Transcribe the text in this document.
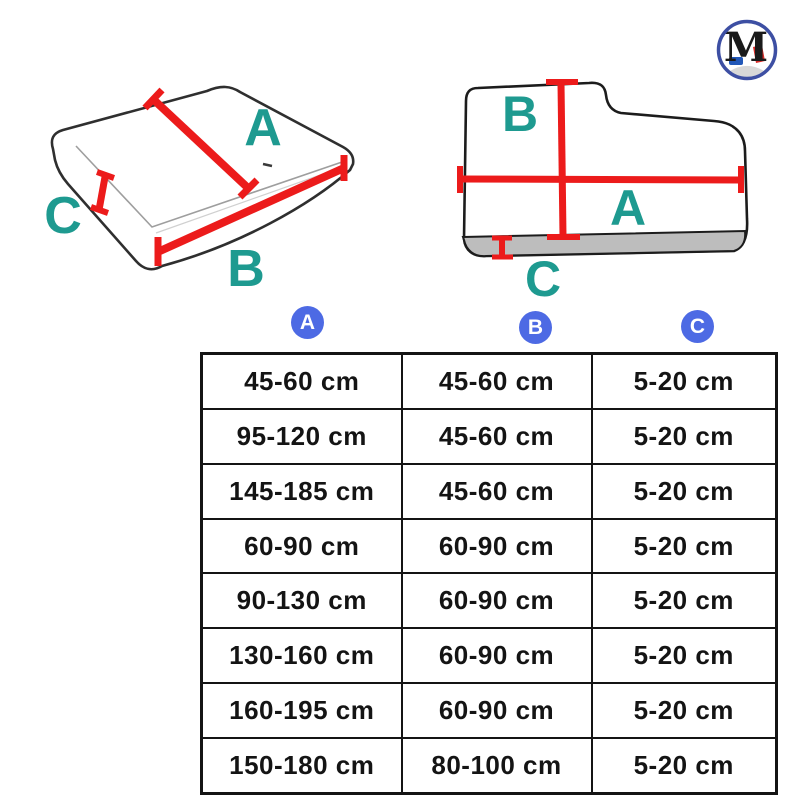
A
B
C
B
A
C
M
A	B	C
45-60 cm	45-60 cm	5-20 cm
95-120 cm	45-60 cm	5-20 cm
145-185 cm	45-60 cm	5-20 cm
60-90 cm	60-90 cm	5-20 cm
90-130 cm	60-90 cm	5-20 cm
130-160 cm	60-90 cm	5-20 cm
160-195 cm	60-90 cm	5-20 cm
150-180 cm	80-100 cm	5-20 cm
